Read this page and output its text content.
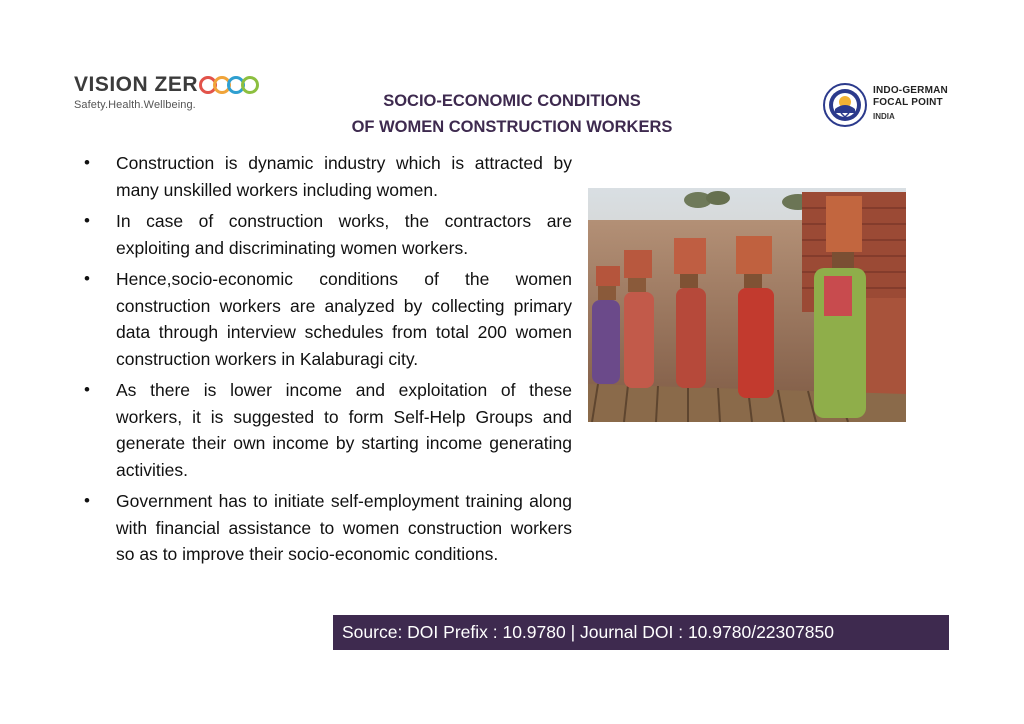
VISION ZER
Safety.Health.Wellbeing.	SOCIO-ECONOMIC CONDITIONS
OF WOMEN CONSTRUCTION WORKERS
INDO-GERMAN
FOCAL POINT
INDIA
•	Construction is dynamic industry which is attracted by many unskilled workers including women.
•	In case of construction works, the contractors are exploiting and discriminating women workers.
•	Hence,socio-economic conditions of the women construction workers are analyzed by collecting primary data through interview schedules from total 200 women construction workers in Kalaburagi city.
•	As there is lower income and exploitation of these workers, it is suggested to form Self-Help Groups and generate their own income by starting income generating activities.
•	Government has to initiate self-employment training along with financial assistance to women construction workers so as to improve their socio-economic conditions.
Source: DOI Prefix : 10.9780 | Journal DOI : 10.9780/22307850
